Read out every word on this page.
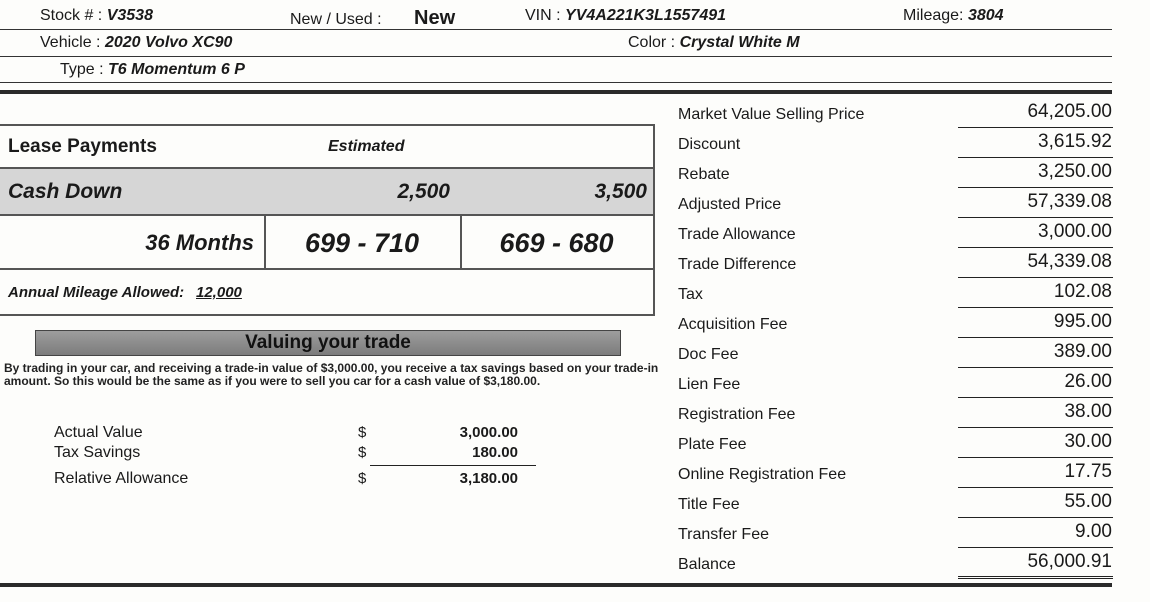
Stock # : V3538	New / Used : New	VIN : YV4A221K3L1557491	Mileage: 3804
Vehicle : 2020 Volvo XC90	Color : Crystal White M
Type : T6 Momentum 6 P
Lease Payments	Estimated
Cash Down	2,500	3,500
36 Months	699 - 710	669 - 680
Annual Mileage Allowed: 12,000
Valuing your trade
By trading in your car, and receiving a trade-in value of $3,000.00, you receive a tax savings based on your trade-in amount. So this would be the same as if you were to sell you car for a cash value of $3,180.00.
Actual Value	$	3,000.00
Tax Savings	$	180.00
Relative Allowance	$	3,180.00
Market Value Selling Price	64,205.00
Discount	3,615.92
Rebate	3,250.00
Adjusted Price	57,339.08
Trade Allowance	3,000.00
Trade Difference	54,339.08
Tax	102.08
Acquisition Fee	995.00
Doc Fee	389.00
Lien Fee	26.00
Registration Fee	38.00
Plate Fee	30.00
Online Registration Fee	17.75
Title Fee	55.00
Transfer Fee	9.00
Balance	56,000.91
